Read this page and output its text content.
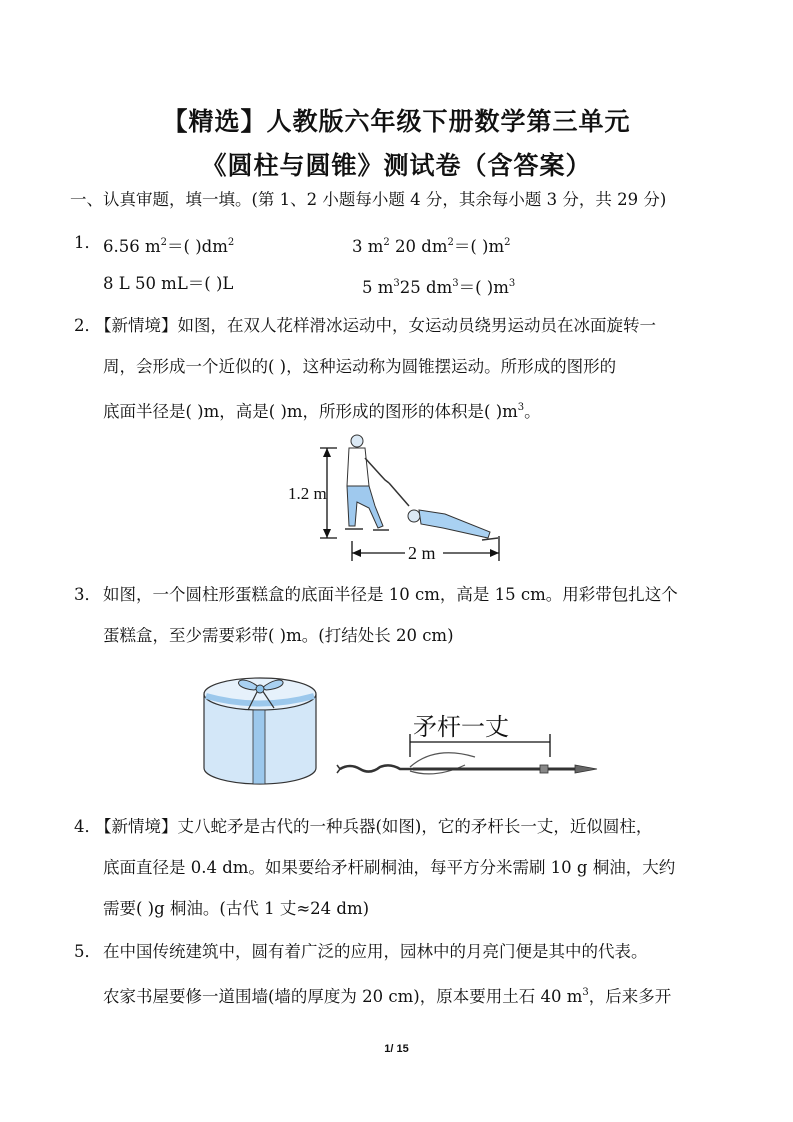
【精选】人教版六年级下册数学第三单元
《圆柱与圆锥》测试卷（含答案）
一、认真审题，填一填。(第 1、2 小题每小题 4 分，其余每小题 3 分，共 29 分)
1． 6.56 $m^2=$( )$dm^2$	3 $m^2$ 20 $dm^2=$( )$m^2$
8 L 50 mL＝( )L	5 $m^325$ $dm^3=$( )$m^3$
2．
【新情境】如图，在双人花样滑冰运动中，女运动员绕男运动员在冰面旋转一
周，会形成一个近似的( )，这种运动称为圆锥摆运动。所形成的图形的
底面半径是( )m，高是( )m，所形成的图形的体积是( )$m^3$。
1.2 m
2 m
3． 如图，一个圆柱形蛋糕盒的底面半径是 10 cm，高是 15 cm。用彩带包扎这个
蛋糕盒，至少需要彩带( )m。(打结处长 20 cm)
矛杆一丈
4．
【新情境】丈八蛇矛是古代的一种兵器(如图)，它的矛杆长一丈，近似圆柱，
底面直径是 0.4 dm。如果要给矛杆刷桐油，每平方分米需刷 10 g 桐油，大约
需要( )g 桐油。(古代 1 丈≈24 dm)
5． 在中国传统建筑中，圆有着广泛的应用，园林中的月亮门便是其中的代表。
农家书屋要修一道围墙(墙的厚度为 20 cm)，原本要用土石 40 $m^3$，后来多开
1/ 15
